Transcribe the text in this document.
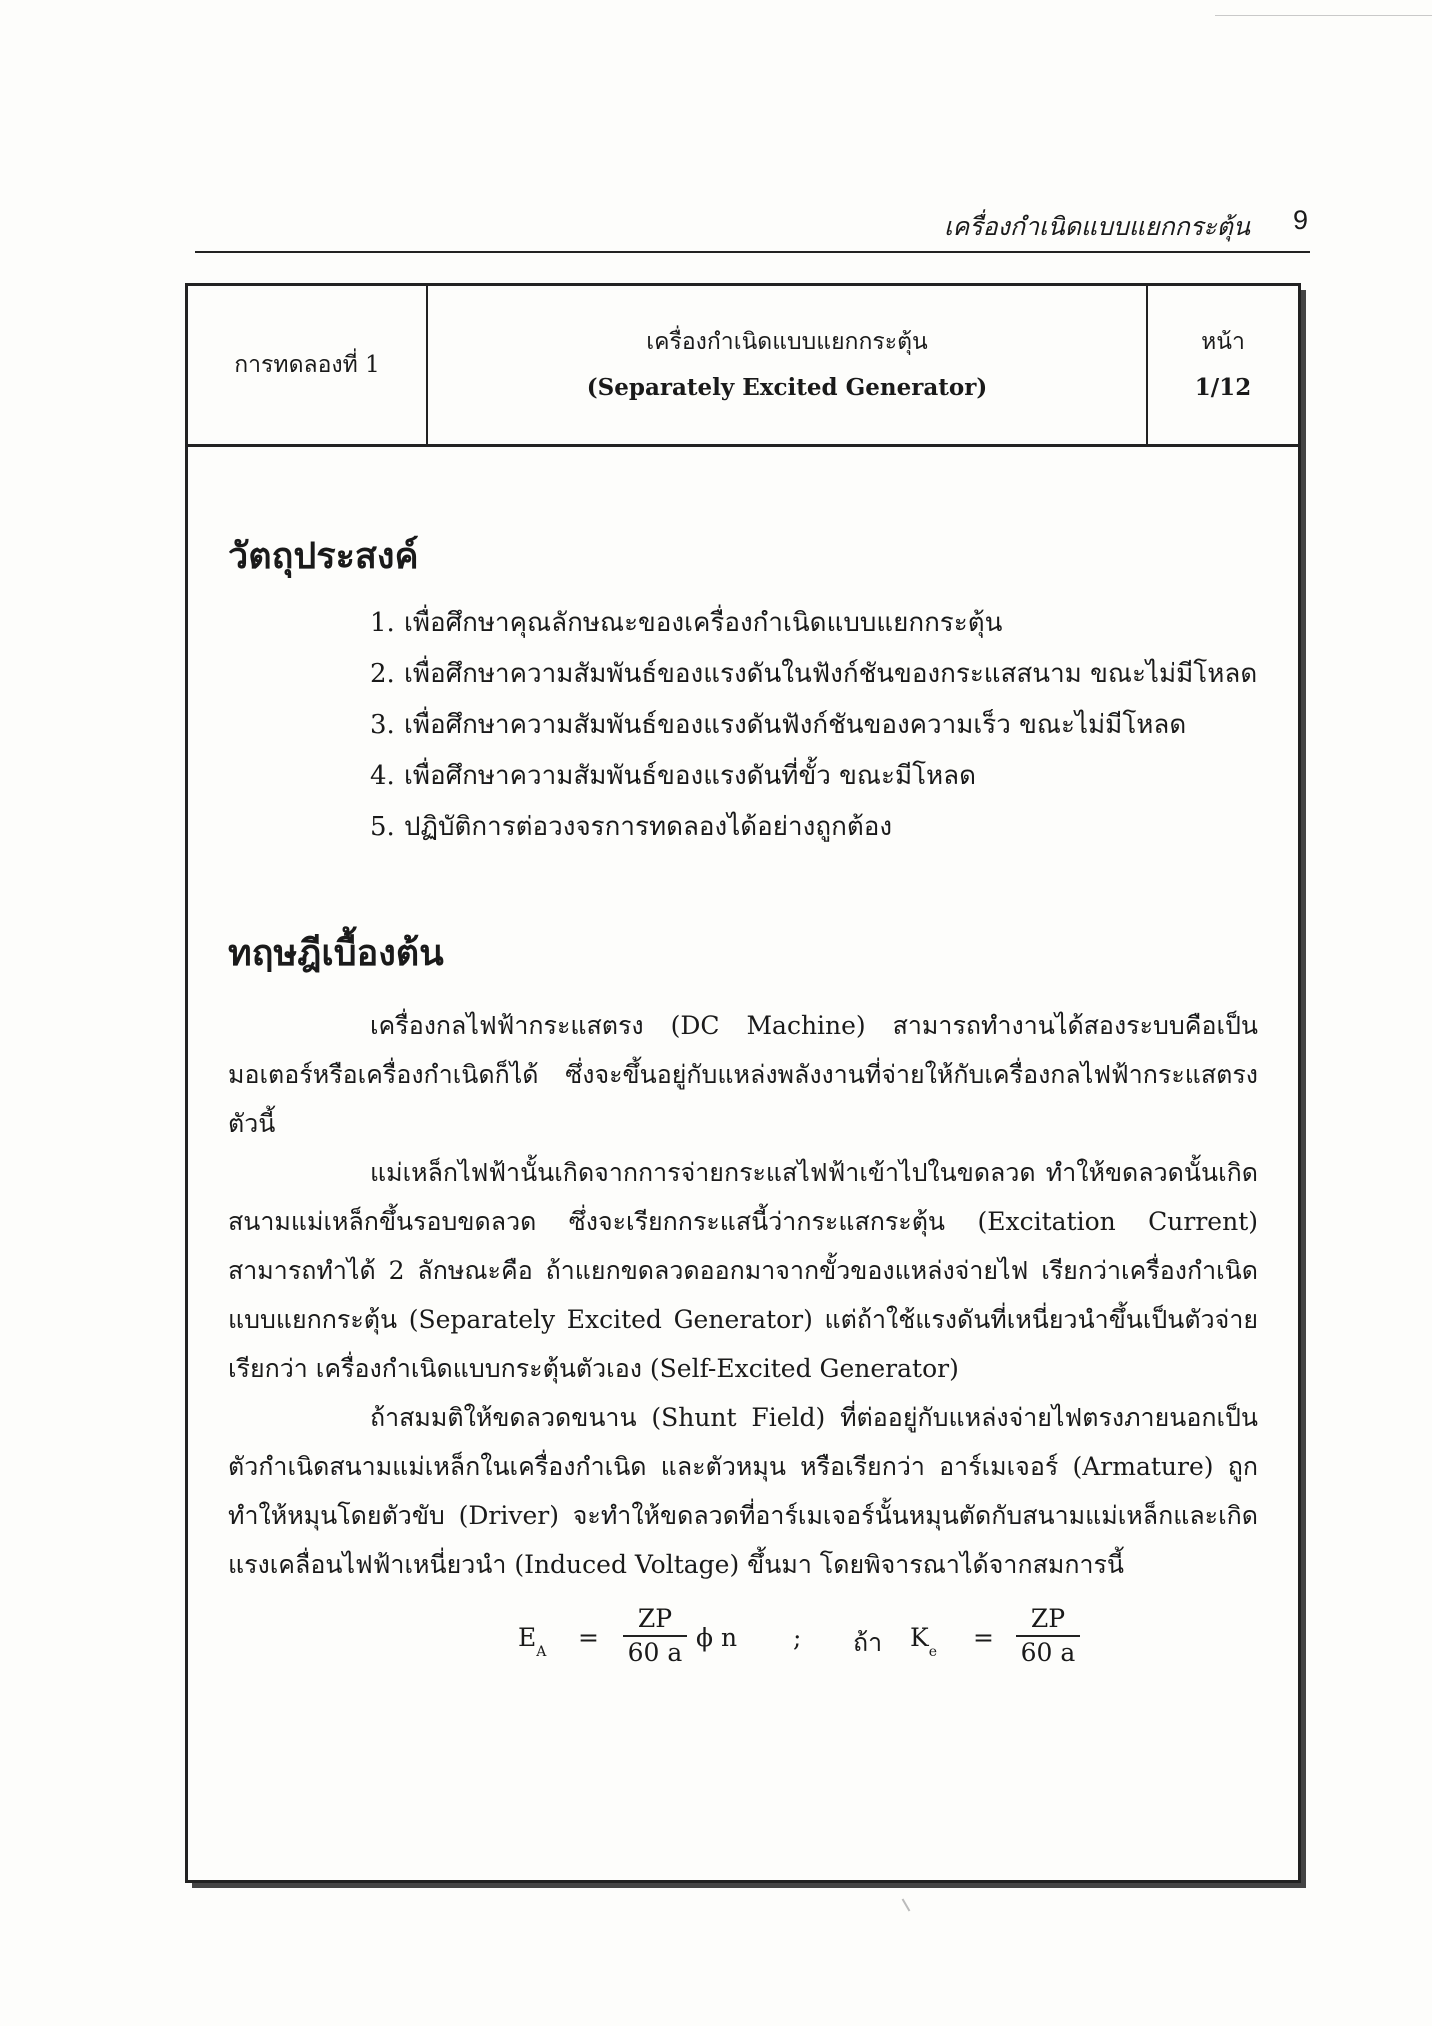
เครื่องกำเนิดแบบแยกกระตุ้น 9
การทดลองที่ 1
เครื่องกำเนิดแบบแยกกระตุ้น
(Separately Excited Generator)
หน้า
1/12
วัตถุประสงค์
1. เพื่อศึกษาคุณลักษณะของเครื่องกำเนิดแบบแยกกระตุ้น
2. เพื่อศึกษาความสัมพันธ์ของแรงดันในฟังก์ชันของกระแสสนาม ขณะไม่มีโหลด
3. เพื่อศึกษาความสัมพันธ์ของแรงดันฟังก์ชันของความเร็ว ขณะไม่มีโหลด
4. เพื่อศึกษาความสัมพันธ์ของแรงดันที่ขั้ว ขณะมีโหลด
5. ปฏิบัติการต่อวงจรการทดลองได้อย่างถูกต้อง
ทฤษฎีเบื้องต้น

เครื่องกลไฟฟ้ากระแสตรง (DC Machine) สามารถทำงานได้สองระบบคือเป็นมอเตอร์หรือเครื่องกำเนิดก็ได้ ซึ่งจะขึ้นอยู่กับแหล่งพลังงานที่จ่ายให้กับเครื่องกลไฟฟ้ากระแสตรงตัวนี้

แม่เหล็กไฟฟ้านั้นเกิดจากการจ่ายกระแสไฟฟ้าเข้าไปในขดลวด ทำให้ขดลวดนั้นเกิดสนามแม่เหล็กขึ้นรอบขดลวด ซึ่งจะเรียกกระแสนี้ว่ากระแสกระตุ้น (Excitation Current) สามารถทำได้ 2 ลักษณะคือ ถ้าแยกขดลวดออกมาจากขั้วของแหล่งจ่ายไฟ เรียกว่าเครื่องกำเนิดแบบแยกกระตุ้น (Separately Excited Generator) แต่ถ้าใช้แรงดันที่เหนี่ยวนำขึ้นเป็นตัวจ่าย เรียกว่า เครื่องกำเนิดแบบกระตุ้นตัวเอง (Self-Excited Generator)

ถ้าสมมติให้ขดลวดขนาน (Shunt Field) ที่ต่ออยู่กับแหล่งจ่ายไฟตรงภายนอกเป็นตัวกำเนิดสนามแม่เหล็กในเครื่องกำเนิด และตัวหมุน หรือเรียกว่า อาร์เมเจอร์ (Armature) ถูกทำให้หมุนโดยตัวขับ (Driver) จะทำให้ขดลวดที่อาร์เมเจอร์นั้นหมุนตัดกับสนามแม่เหล็กและเกิดแรงเคลื่อนไฟฟ้าเหนี่ยวนำ (Induced Voltage) ขึ้นมา โดยพิจารณาได้จากสมการนี้

$E_A = \frac{ZP}{60 a}$ ϕ n ; ถ้า $K_e = \frac{ZP}{60 a}$
